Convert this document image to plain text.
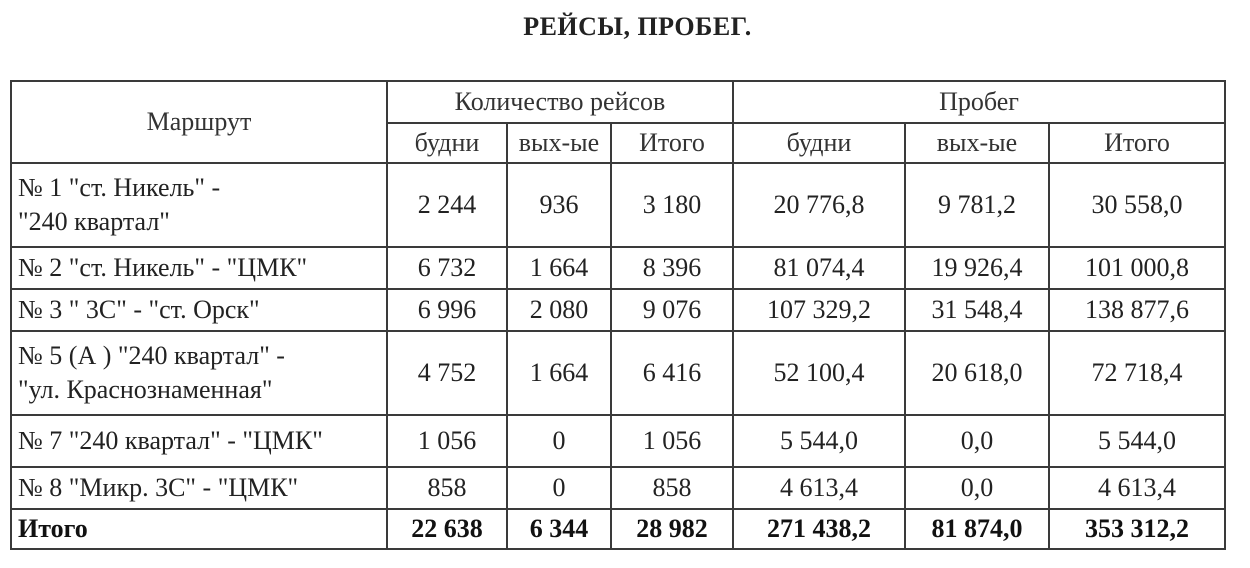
РЕЙСЫ, ПРОБЕГ.
Маршрут	Количество рейсов			Пробег		
	будни	вых-ые	Итого	будни	вых-ые	Итого
№ 1 "ст. Никель" -
"240 квартал"	2 244	936	3 180	20 776,8	9 781,2	30 558,0
№ 2 "ст. Никель" - "ЦМК"	6 732	1 664	8 396	81 074,4	19 926,4	101 000,8
№ 3 " 3С" - "ст. Орск"	6 996	2 080	9 076	107 329,2	31 548,4	138 877,6
№ 5 (А ) "240 квартал" -
"ул. Краснознаменная"	4 752	1 664	6 416	52 100,4	20 618,0	72 718,4
№ 7 "240 квартал" - "ЦМК"	1 056	0	1 056	5 544,0	0,0	5 544,0
№ 8 "Микр. 3С" - "ЦМК"	858	0	858	4 613,4	0,0	4 613,4
Итого	22 638	6 344	28 982	271 438,2	81 874,0	353 312,2
